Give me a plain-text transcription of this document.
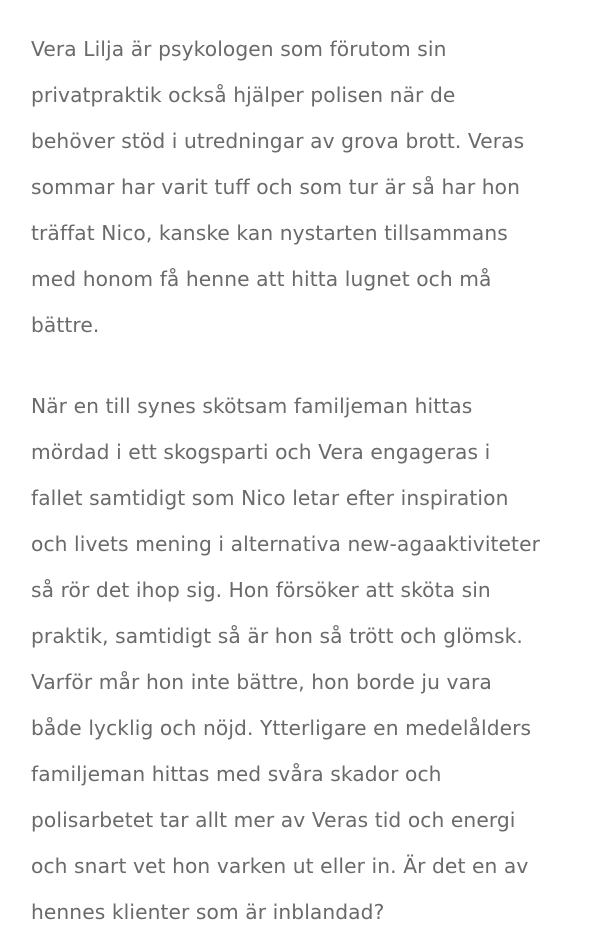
Vera Lilja är psykologen som förutom sin
privatpraktik också hjälper polisen när de
behöver stöd i utredningar av grova brott. Veras
sommar har varit tuff och som tur är så har hon
träffat Nico, kanske kan nystarten tillsammans
med honom få henne att hitta lugnet och må
bättre.

När en till synes skötsam familjeman hittas
mördad i ett skogsparti och Vera engageras i
fallet samtidigt som Nico letar efter inspiration
och livets mening i alternativa new-agaaktiviteter
så rör det ihop sig. Hon försöker att sköta sin
praktik, samtidigt så är hon så trött och glömsk.
Varför mår hon inte bättre, hon borde ju vara
både lycklig och nöjd. Ytterligare en medelålders
familjeman hittas med svåra skador och
polisarbetet tar allt mer av Veras tid och energi
och snart vet hon varken ut eller in. Är det en av
hennes klienter som är inblandad?
